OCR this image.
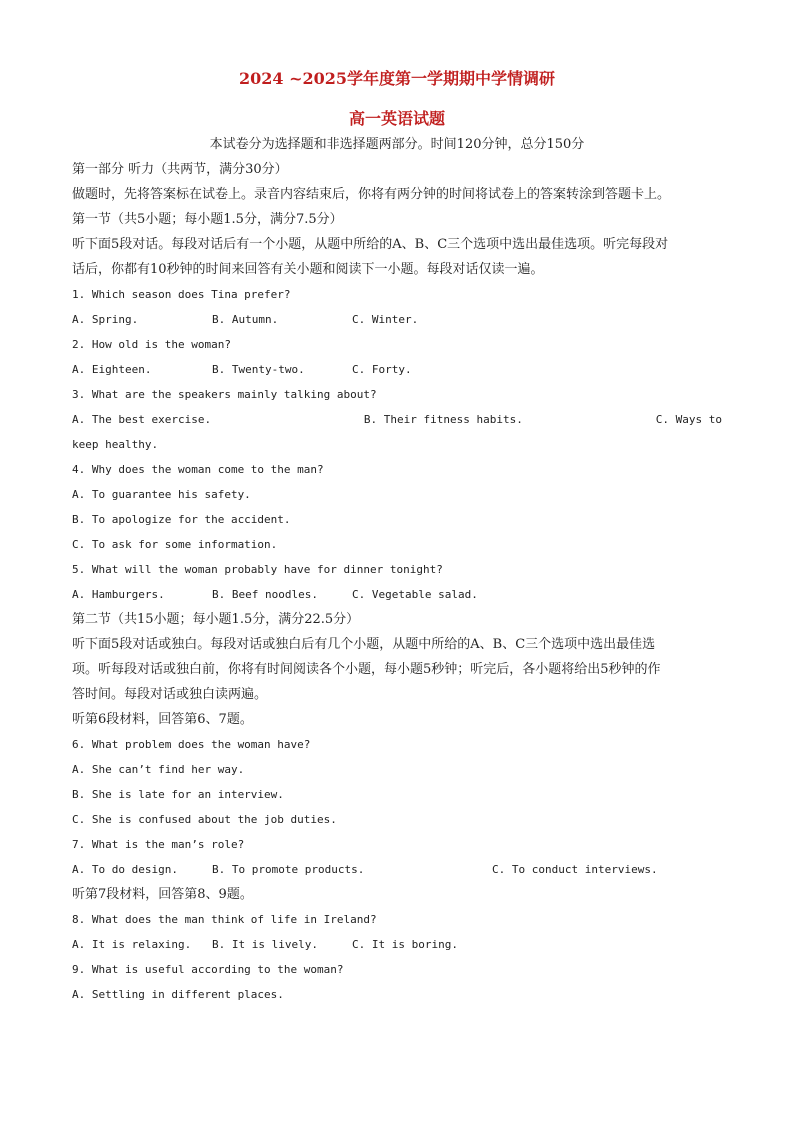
2024 ~2025学年度第一学期期中学情调研
高一英语试题
本试卷分为选择题和非选择题两部分。时间120分钟，总分150分
第一部分 听力（共两节，满分30分）
做题时，先将答案标在试卷上。录音内容结束后，你将有两分钟的时间将试卷上的答案转涂到答题卡上。
第一节（共5小题；每小题1.5分，满分7.5分）
听下面5段对话。每段对话后有一个小题，从题中所给的A、B、C三个选项中选出最佳选项。听完每段对
话后，你都有10秒钟的时间来回答有关小题和阅读下一小题。每段对话仅读一遍。
1. Which season does Tina prefer?
A. Spring.	B. Autumn.	C. Winter.
2. How old is the woman?
A. Eighteen.	B. Twenty-two.	C. Forty.
3. What are the speakers mainly talking about?
A. The best exercise.	B. Their fitness habits.	C. Ways to
keep healthy.
4. Why does the woman come to the man?
A. To guarantee his safety.
B. To apologize for the accident.
C. To ask for some information.
5. What will the woman probably have for dinner tonight?
A. Hamburgers.	B. Beef noodles.	C. Vegetable salad.
第二节（共15小题；每小题1.5分，满分22.5分）
听下面5段对话或独白。每段对话或独白后有几个小题，从题中所给的A、B、C三个选项中选出最佳选
项。听每段对话或独白前，你将有时间阅读各个小题，每小题5秒钟；听完后，各小题将给出5秒钟的作
答时间。每段对话或独白读两遍。
听第6段材料，回答第6、7题。
6. What problem does the woman have?
A. She can’t find her way.
B. She is late for an interview.
C. She is confused about the job duties.
7. What is the man’s role?
A. To do design.	B. To promote products.	C. To conduct interviews.
听第7段材料，回答第8、9题。
8. What does the man think of life in Ireland?
A. It is relaxing.	B. It is lively.	C. It is boring.
9. What is useful according to the woman?
A. Settling in different places.
